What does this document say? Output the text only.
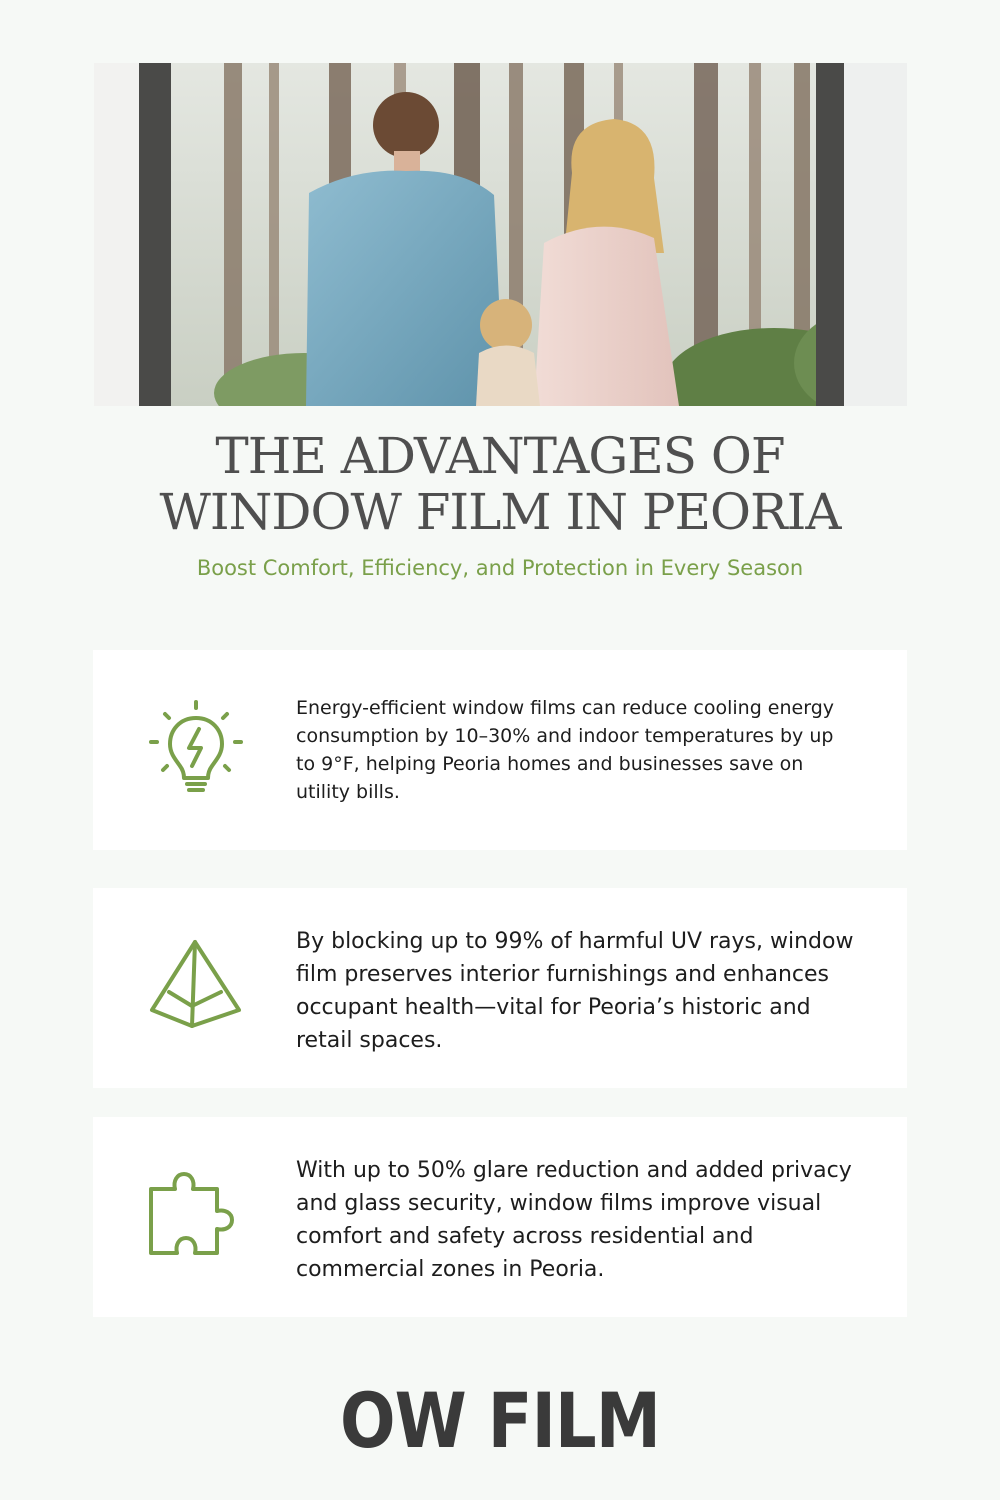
THE ADVANTAGES OF
WINDOW FILM IN PEORIA

Boost Comfort, Efficiency, and Protection in Every Season

Energy-efficient window films can reduce cooling energy consumption by 10–30% and indoor temperatures by up to 9°F, helping Peoria homes and businesses save on utility bills.

By blocking up to 99% of harmful UV rays, window film preserves interior furnishings and enhances occupant health—vital for Peoria’s historic and retail spaces.

With up to 50% glare reduction and added privacy and glass security, window films improve visual comfort and safety across residential and commercial zones in Peoria.

OW FILM
